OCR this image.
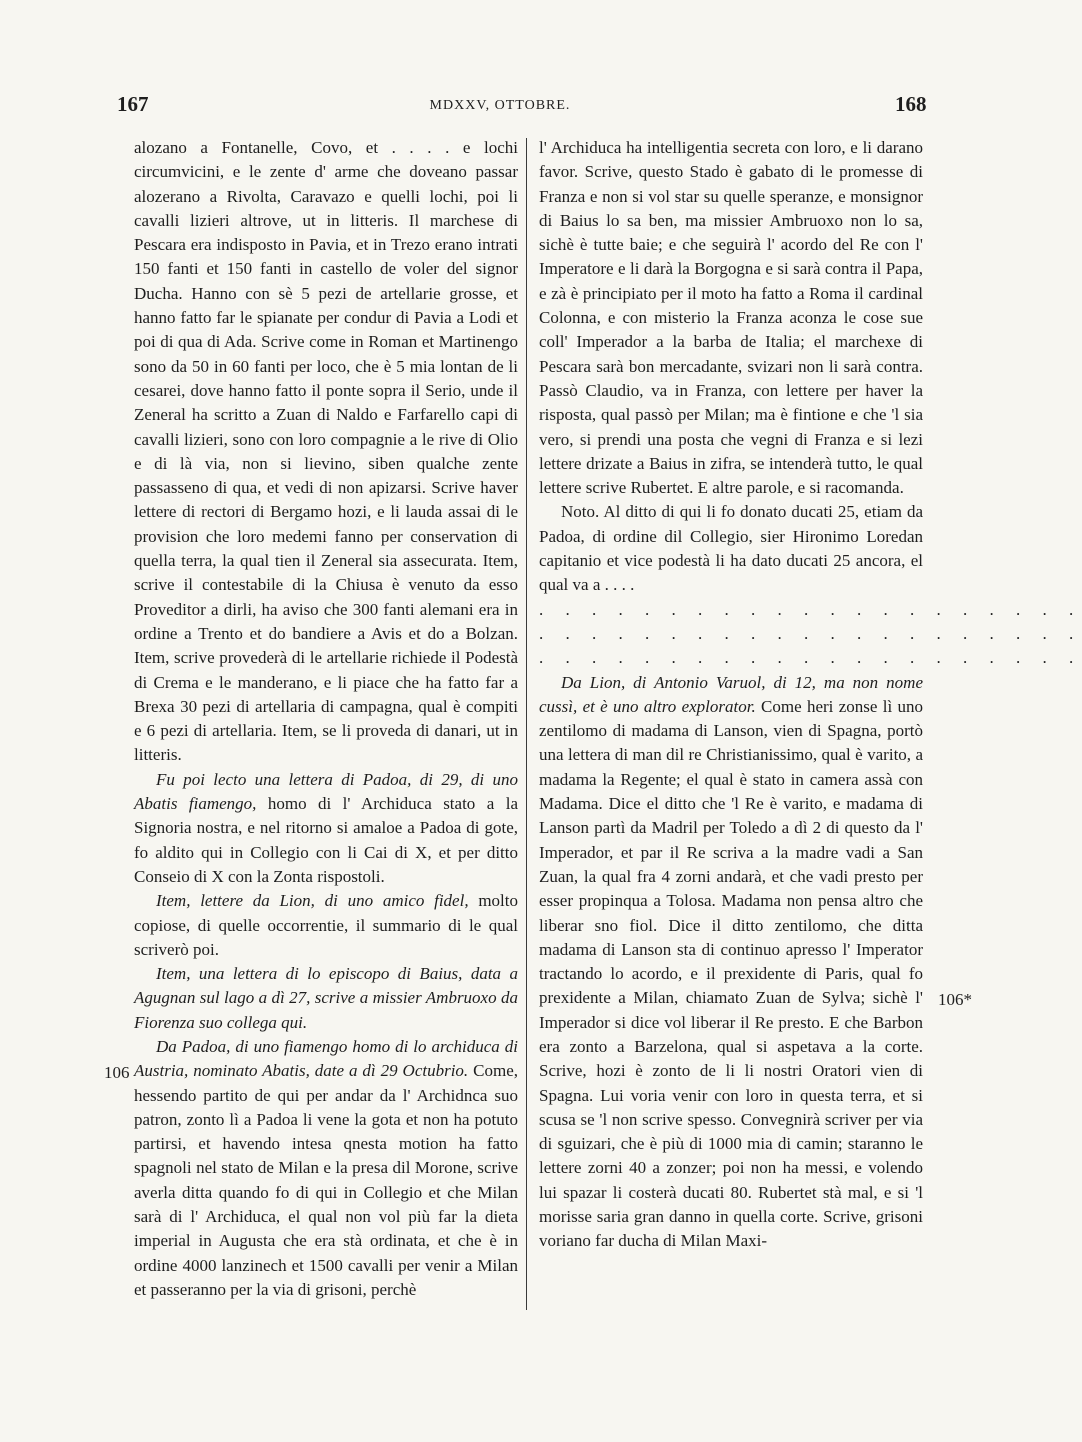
167	MDXXV, OTTOBRE.	168
106
106*

alozano a Fontanelle, Covo, et . . . . e lochi circumvicini, e le zente d' arme che doveano passar alozerano a Rivolta, Caravazo e quelli lochi, poi li cavalli lizieri altrove, ut in litteris. Il marchese di Pescara era indisposto in Pavia, et in Trezo erano intrati 150 fanti et 150 fanti in castello de voler del signor Ducha. Hanno con sè 5 pezi de artellarie grosse, et hanno fatto far le spianate per condur di Pavia a Lodi et poi di qua di Ada. Scrive come in Roman et Martinengo sono da 50 in 60 fanti per loco, che è 5 mia lontan de li cesarei, dove hanno fatto il ponte sopra il Serio, unde il Zeneral ha scritto a Zuan di Naldo e Farfarello capi di cavalli lizieri, sono con loro compagnie a le rive di Olio e di là via, non si lievino, siben qualche zente passasseno di qua, et vedi di non apizarsi. Scrive haver lettere di rectori di Bergamo hozi, e li lauda assai di le provision che loro medemi fanno per conservation di quella terra, la qual tien il Zeneral sia assecurata. Item, scrive il contestabile di la Chiusa è venuto da esso Proveditor a dirli, ha aviso che 300 fanti alemani era in ordine a Trento et do bandiere a Avis et do a Bolzan. Item, scrive proveder​à di le artellarie richiede il Podestà di Crema e le manderano, e li piace che ha fatto far a Brexa 30 pezi di artellaria di campagna, qual è compiti e 6 pezi di artellaria. Item, se li proveda di danari, ut in litteris.

Fu poi lecto una lettera di Padoa, di 29, di uno Abatis fiamengo, homo di l' Archiduca stato a la Signoria nostra, e nel ritorno si amaloe a Padoa di gote, fo aldito qui in Collegio con li Cai di X, et per ditto Conseio di X con la Zonta rispostoli.

Item, lettere da Lion, di uno amico fidel, molto copiose, di quelle occorrentie, il summario di le qual scriverò poi.

Item, una lettera di lo episcopo di Baius, data a Agugnan sul lago a dì 27, scrive a missier Ambruoxo da Fiorenza suo collega qui.

Da Padoa, di uno fiamengo homo di lo archiduca di Austria, nominato Abatis, date a dì 29 Octubrio. Come, hessendo partito de qui per andar da l' Archidnca suo patron, zonto lì a Padoa li vene la gota et non ha potuto partirsi, et havendo intesa qnesta motion ha fatto spagnoli nel stato de Milan e la presa dil Morone, scrive averla ditta quando fo di qui in Collegio et che Milan sarà di l' Archiduca, el qual non vol più far la dieta imperial in Augusta che era stà ordinata, et che è in ordine 4000 lanzinech et 1500 cavalli per venir a Milan et passeranno per la via di grisoni, perchè

l' Archiduca ha intelligentia secreta con loro, e li darano favor. Scrive, questo Stado è gabato di le promesse di Franza e non si vol star su quelle speranze, e monsignor di Baius lo sa ben, ma missier Ambruoxo non lo sa, sichè è tutte baie; e che seguirà l' acordo del Re con l' Imperatore e li darà la Borgogna e si sarà contra il Papa, e zà è principiato per il moto ha fatto a Roma il cardinal Colonna, e con misterio la Franza aconza le cose sue coll' Imperador a la barba de Italia; el marchexe di Pescara sarà bon mercadante, svizari non li sarà contra. Passò Claudio, va in Franza, con lettere per haver la risposta, qual passò per Milan; ma è fintione e che 'l sia vero, si prendi una posta che vegni di Franza e si lezi lettere drizate a Baius in zifra, se intenderà tutto, le qual lettere scrive Rubertet. E altre parole, e si racomanda.

Noto. Al ditto di qui li fo donato ducati 25, etiam da Padoa, di ordine dil Collegio, sier Hironimo Loredan capitanio et vice podestà li ha dato ducati 25 ancora, el qual va a . . . .

. . . . . . . . . . . . . . . . . . . . .

. . . . . . . . . . . . . . . . . . . . .

. . . . . . . . . . . . . . . . . . . . .

Da Lion, di Antonio Varuol, di 12, ma non nome cussì, et è uno altro explorator. Come heri zonse lì uno zentilomo di madama di Lanson, vien di Spagna, portò una lettera di man dil re Christianissimo, qual è varito, a madama la Regente; el qual è stato in camera assà con Madama. Dice el ditto che 'l Re è varito, e madama di Lanson partì da Madril per Toledo a dì 2 di questo da l' Imperador, et par il Re scriva a la madre vadi a San Zuan, la qual fra 4 zorni andarà, et che vadi presto per esser propinqua a Tolosa. Madama non pensa altro che liberar sno fiol. Dice il ditto zentilomo, che ditta madama di Lanson sta di continuo apresso l' Imperator tractando lo acordo, e il prexidente di Paris, qual fo prexidente a Milan, chiamato Zuan de Sylva; sichè l' Imperador si dice vol liberar il Re presto. E che Barbon era zonto a Barzelona, qual si aspetava a la corte. Scrive, hozi è zonto de li li nostri Oratori vien di Spagna. Lui voria venir con loro in questa terra, et si scusa se 'l non scrive spesso. Convegnirà scriver per via di sguizari, che è più di 1000 mia di camin; staranno le lettere zorni 40 a zonzer; poi non ha messi, e volendo lui spazar li costerà ducati 80. Rubertet stà mal, e si 'l morisse saria gran danno in quella corte. Scrive, grisoni voriano far ducha di Milan Maxi-
